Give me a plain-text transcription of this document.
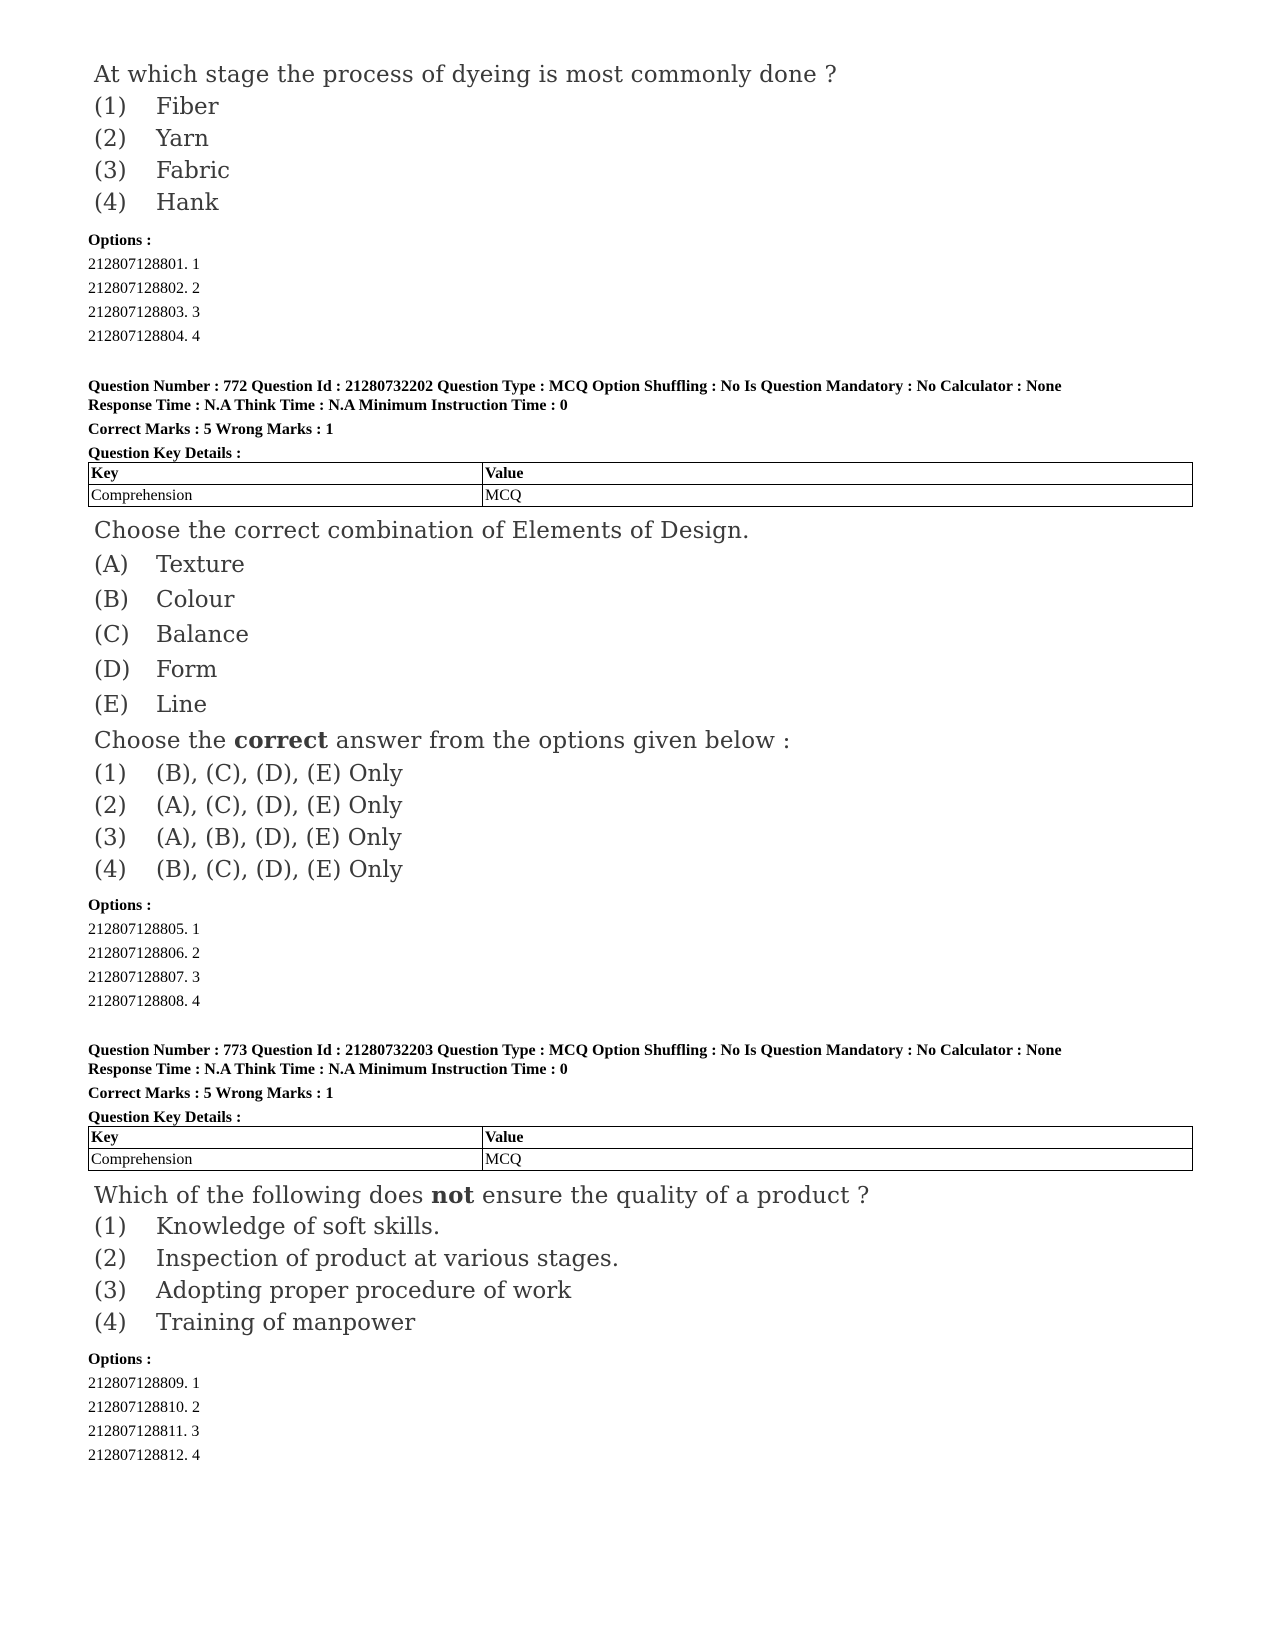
At which stage the process of dyeing is most commonly done ?
(1)	Fiber
(2)	Yarn
(3)	Fabric
(4)	Hank
Options :
212807128801. 1
212807128802. 2
212807128803. 3
212807128804. 4
Question Number : 772 Question Id : 21280732202 Question Type : MCQ Option Shuffling : No Is Question Mandatory : No Calculator : None
Response Time : N.A Think Time : N.A Minimum Instruction Time : 0
Correct Marks : 5 Wrong Marks : 1
Question Key Details :
Key	Value
Comprehension	MCQ
Choose the correct combination of Elements of Design.
(A)	Texture
(B)	Colour
(C)	Balance
(D)	Form
(E)	Line
Choose the correct answer from the options given below :
(1)	(B), (C), (D), (E) Only
(2)	(A), (C), (D), (E) Only
(3)	(A), (B), (D), (E) Only
(4)	(B), (C), (D), (E) Only
Options :
212807128805. 1
212807128806. 2
212807128807. 3
212807128808. 4
Question Number : 773 Question Id : 21280732203 Question Type : MCQ Option Shuffling : No Is Question Mandatory : No Calculator : None
Response Time : N.A Think Time : N.A Minimum Instruction Time : 0
Correct Marks : 5 Wrong Marks : 1
Question Key Details :
Key	Value
Comprehension	MCQ
Which of the following does not ensure the quality of a product ?
(1)	Knowledge of soft skills.
(2)	Inspection of product at various stages.
(3)	Adopting proper procedure of work
(4)	Training of manpower
Options :
212807128809. 1
212807128810. 2
212807128811. 3
212807128812. 4
